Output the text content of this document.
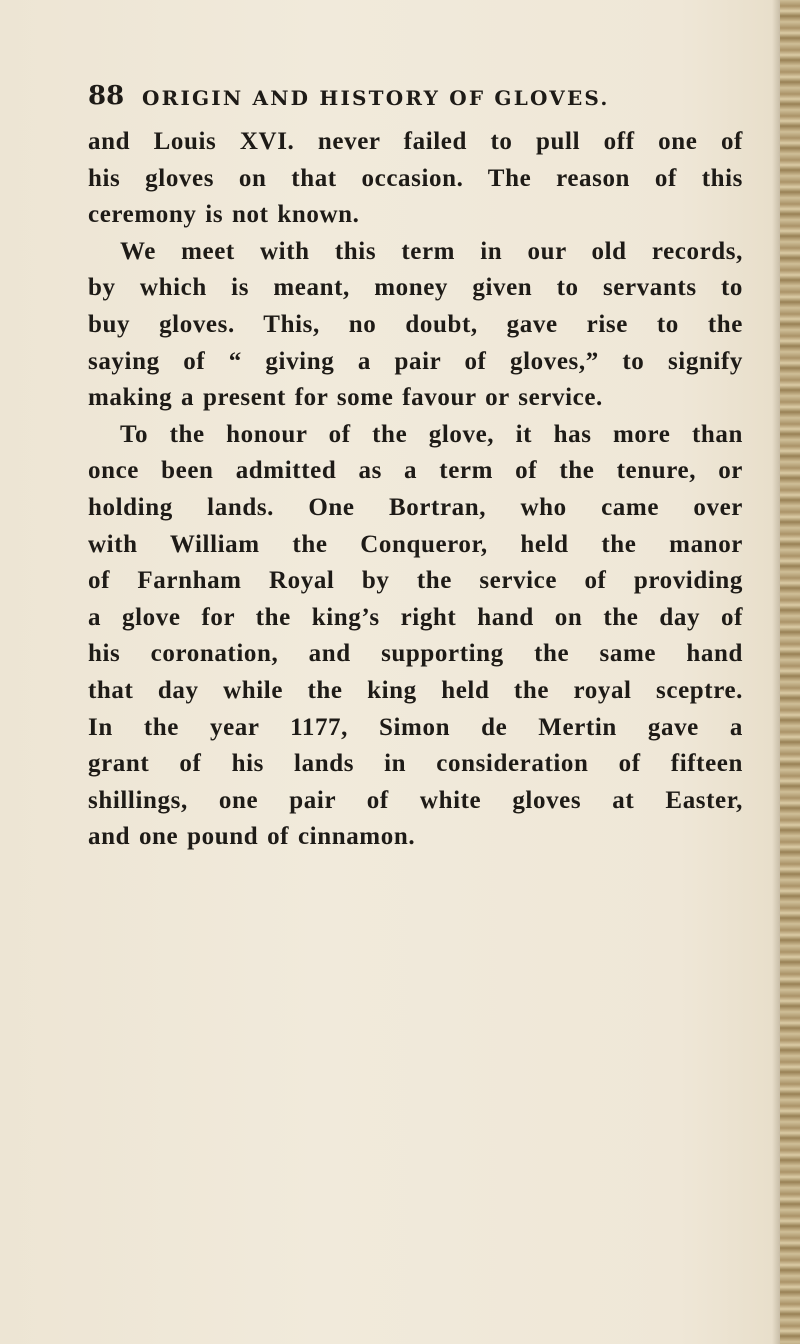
88 ORIGIN AND HISTORY OF GLOVES.
and Louis XVI. never failed to pull off one of
his gloves on that occasion. The reason of this
ceremony is not known.
We meet with this term in our old records,
by which is meant, money given to servants to
buy gloves. This, no doubt, gave rise to the
saying of “ giving a pair of gloves,” to signify
making a present for some favour or service.
To the honour of the glove, it has more than
once been admitted as a term of the tenure, or
holding lands. One Bortran, who came over
with William the Conqueror, held the manor
of Farnham Royal by the service of providing
a glove for the king’s right hand on the day of
his coronation, and supporting the same hand
that day while the king held the royal sceptre.
In the year 1177, Simon de Mertin gave a
grant of his lands in consideration of fifteen
shillings, one pair of white gloves at Easter,
and one pound of cinnamon.
